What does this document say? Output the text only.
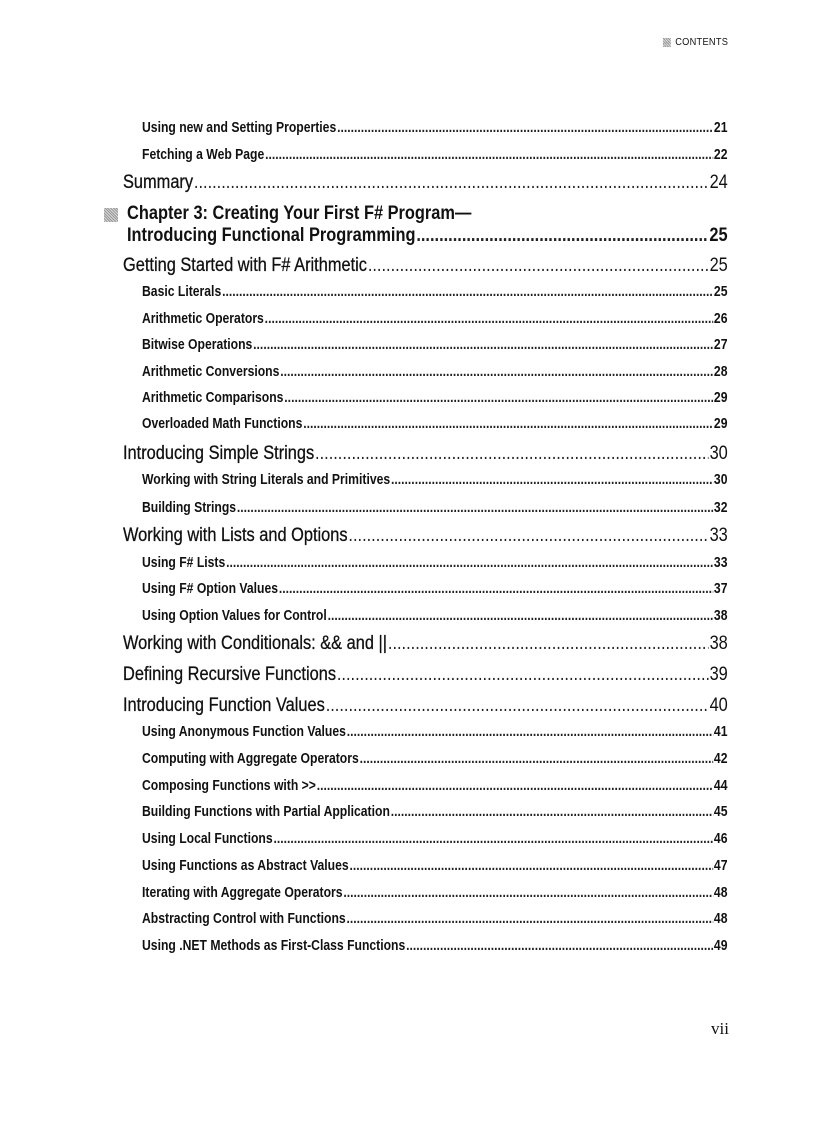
CONTENTS
Using new and Setting Properties .....	21
Fetching a Web Page .....	22
Summary .....	24
Chapter 3: Creating Your First F# Program—
Introducing Functional Programming .....	25
Getting Started with F# Arithmetic .....	25
Basic Literals .....	25
Arithmetic Operators .....	26
Bitwise Operations .....	27
Arithmetic Conversions .....	28
Arithmetic Comparisons .....	29
Overloaded Math Functions .....	29
Introducing Simple Strings .....	30
Working with String Literals and Primitives .....	30
Building Strings .....	32
Working with Lists and Options .....	33
Using F# Lists .....	33
Using F# Option Values .....	37
Using Option Values for Control .....	38
Working with Conditionals: && and || .....	38
Defining Recursive Functions .....	39
Introducing Function Values .....	40
Using Anonymous Function Values .....	41
Computing with Aggregate Operators .....	42
Composing Functions with >> .....	44
Building Functions with Partial Application .....	45
Using Local Functions .....	46
Using Functions as Abstract Values .....	47
Iterating with Aggregate Operators .....	48
Abstracting Control with Functions .....	48
Using .NET Methods as First-Class Functions .....	49
vii
